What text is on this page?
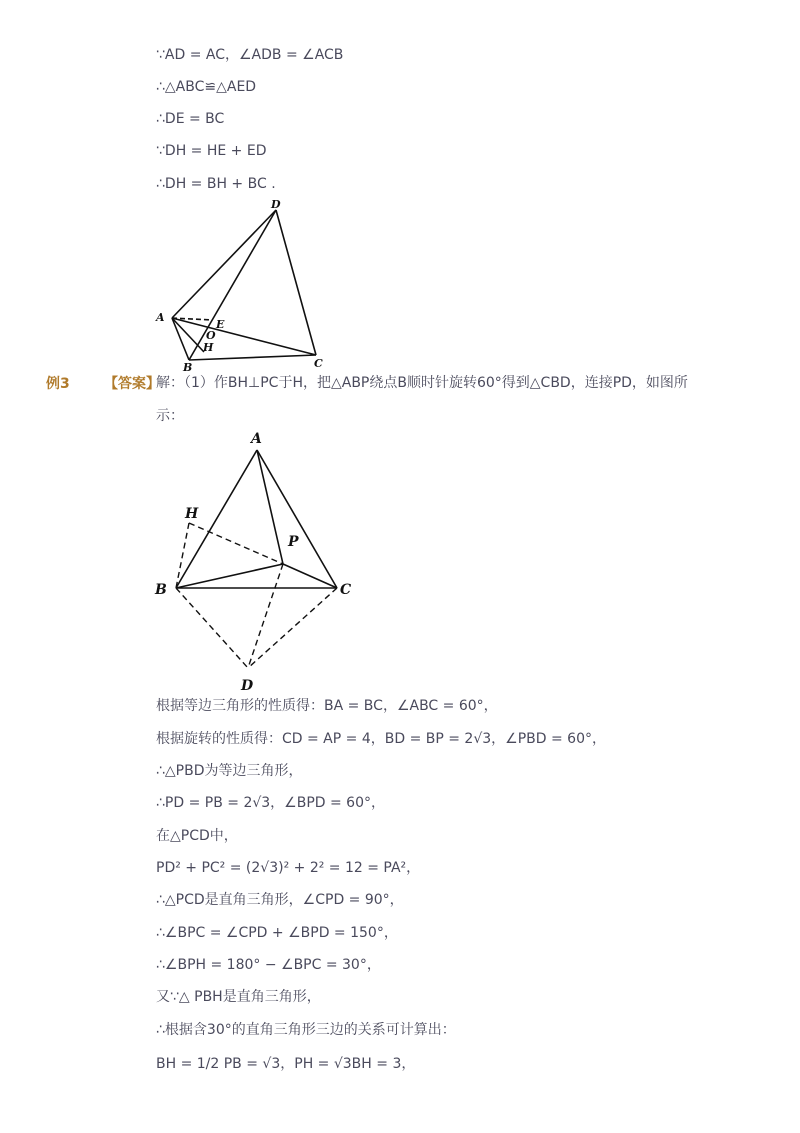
∵AD = AC，∠ADB = ∠ACB
∴△ABC≌△AED
∴DE = BC
∵DH = HE + ED
∴DH = BH + BC .
D
A
E
O
H
B	C
例3 【答案】
解：（1）作BH⊥PC于H，把△ABP绕点B顺时针旋转60°得到△CBD，连接PD，如图所
示：
A
H
P
B	C
D
根据等边三角形的性质得：BA = BC，∠ABC = 60°，
根据旋转的性质得：CD = AP = 4，BD = BP = 2√3，∠PBD = 60°，
∴△PBD为等边三角形，
∴PD = PB = 2√3，∠BPD = 60°，
在△PCD中，
PD² + PC² = (2√3)² + 2² = 12 = PA²，
∴△PCD是直角三角形，∠CPD = 90°，
∴∠BPC = ∠CPD + ∠BPD = 150°，
∴∠BPH = 180° − ∠BPC = 30°，
又∵△ PBH是直角三角形，
∴根据含30°的直角三角形三边的关系可计算出：
BH = 1/2 PB = √3，PH = √3BH = 3，
